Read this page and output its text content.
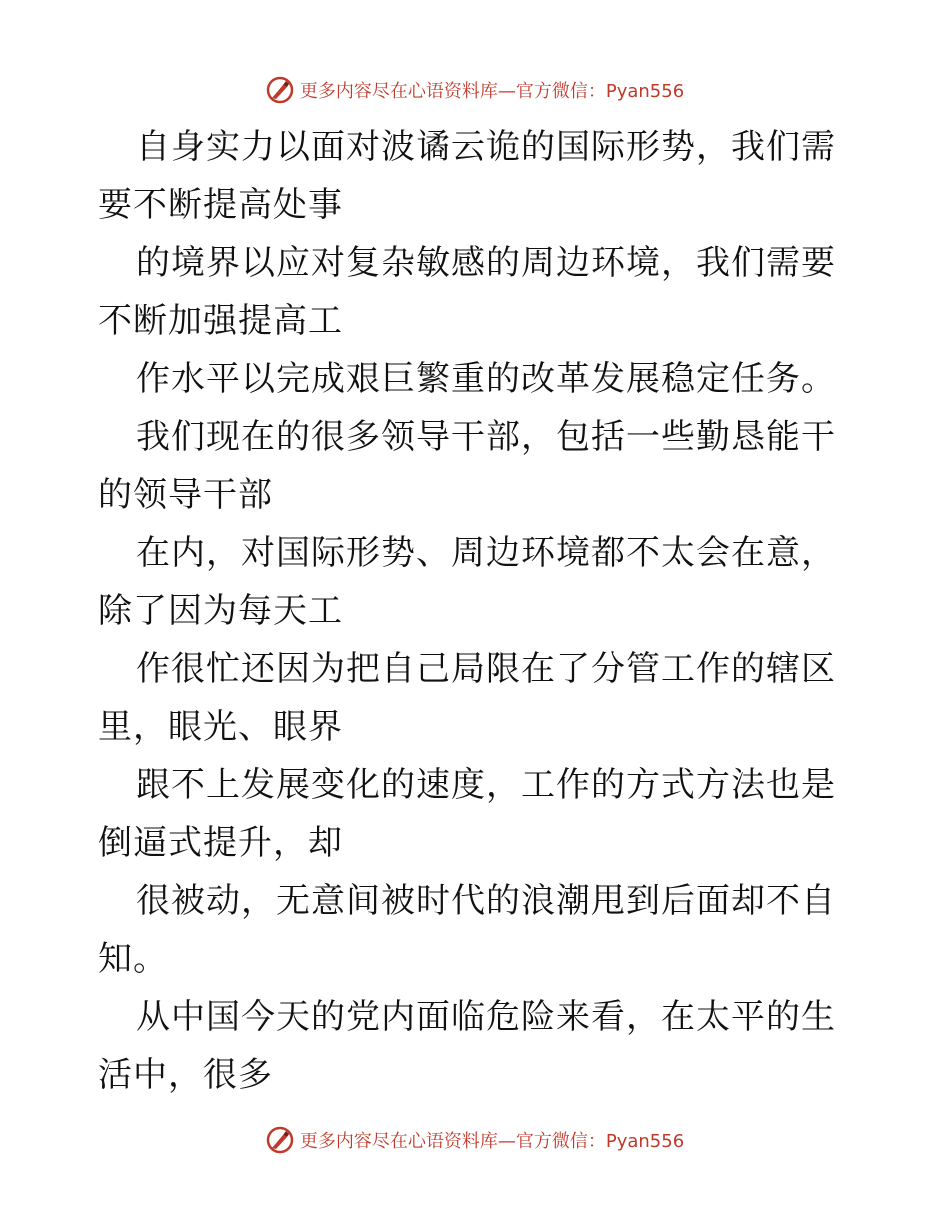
更多内容尽在心语资料库—官方微信：Pyan556

自身实力以面对波谲云诡的国际形势，我们需要不断提高处事

的境界以应对复杂敏感的周边环境，我们需要不断加强提高工

作水平以完成艰巨繁重的改革发展稳定任务。

我们现在的很多领导干部，包括一些勤恳能干的领导干部

在内，对国际形势、周边环境都不太会在意，除了因为每天工

作很忙还因为把自己局限在了分管工作的辖区里，眼光、眼界

跟不上发展变化的速度，工作的方式方法也是倒逼式提升，却

很被动，无意间被时代的浪潮甩到后面却不自知。

从中国今天的党内面临危险来看，在太平的生活中，很多

更多内容尽在心语资料库—官方微信：Pyan556
